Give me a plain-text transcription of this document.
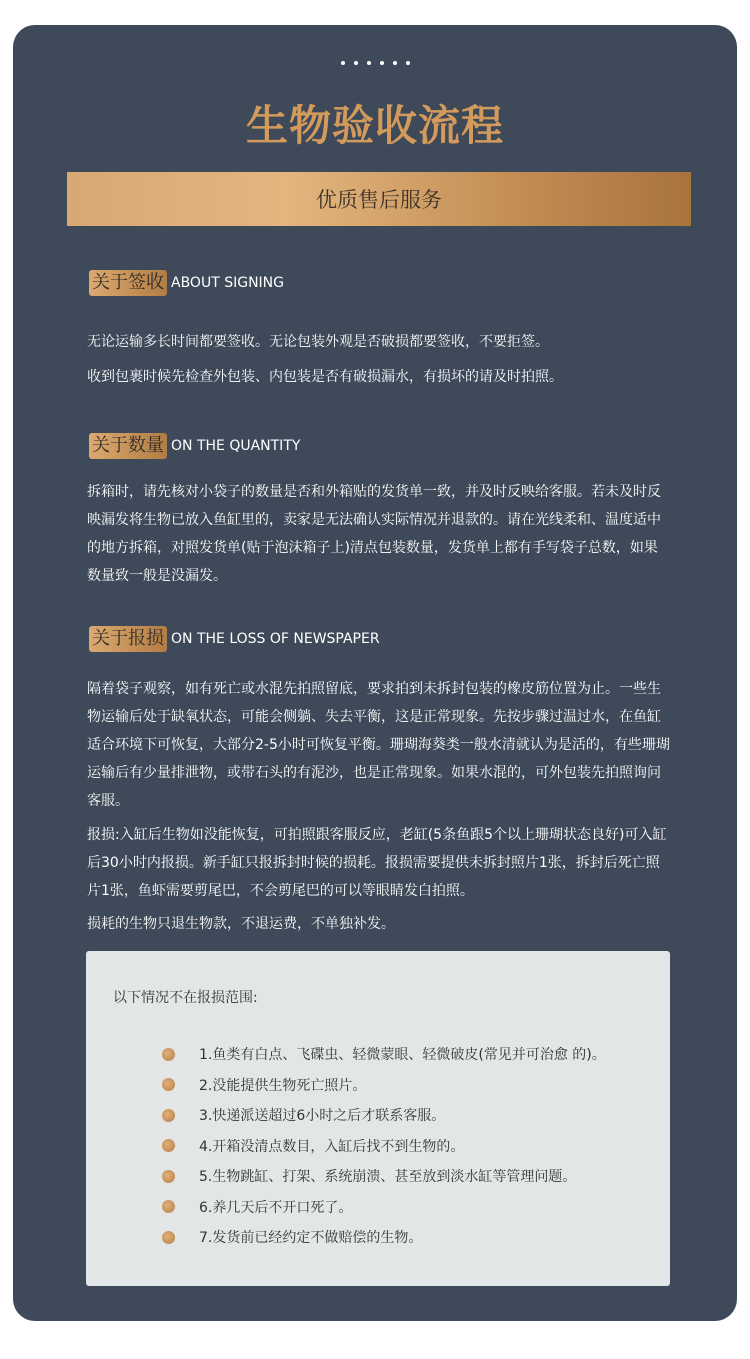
生物验收流程
优质售后服务
关于签收 ABOUT SIGNING

无论运输多长时间都要签收。无论包装外观是否破损都要签收，不要拒签。

收到包裹时候先检查外包装、内包装是否有破损漏水，有损坏的请及时拍照。

关于数量 ON THE QUANTITY

拆箱时，请先核对小袋子的数量是否和外箱贴的发货单一致，并及时反映给客服。若未及时反映漏发将生物已放入鱼缸里的，卖家是无法确认实际情况并退款的。请在光线柔和、温度适中的地方拆箱，对照发货单(贴于泡沫箱子上)清点包装数量，发货单上都有手写袋子总数，如果数量致一般是没漏发。

关于报损 ON THE LOSS OF NEWSPAPER

隔着袋子观察，如有死亡或水混先拍照留底，要求拍到未拆封包装的橡皮筋位置为止。一些生物运输后处于缺氧状态，可能会侧躺、失去平衡，这是正常现象。先按步骤过温过水，在鱼缸适合环境下可恢复，大部分2-5小时可恢复平衡。珊瑚海葵类一般水清就认为是活的，有些珊瑚运输后有少量排泄物，或带石头的有泥沙，也是正常现象。如果水混的，可外包装先拍照询问客服。

报损:入缸后生物如没能恢复，可拍照跟客服反应，老缸(5条鱼跟5个以上珊瑚状态良好)可入缸后30小时内报损。新手缸只报拆封时候的损耗。报损需要提供未拆封照片1张，拆封后死亡照片1张，鱼虾需要剪尾巴，不会剪尾巴的可以等眼睛发白拍照。

损耗的生物只退生物款，不退运费，不单独补发。

以下情况不在报损范围:
1.鱼类有白点、飞碟虫、轻微蒙眼、轻微破皮(常见并可治愈 的)。
2.没能提供生物死亡照片。
3.快递派送超过6小时之后才联系客服。
4.开箱没清点数目，入缸后找不到生物的。
5.生物跳缸、打架、系统崩溃、甚至放到淡水缸等管理问题。
6.养几天后不开口死了。
7.发货前已经约定不做赔偿的生物。
